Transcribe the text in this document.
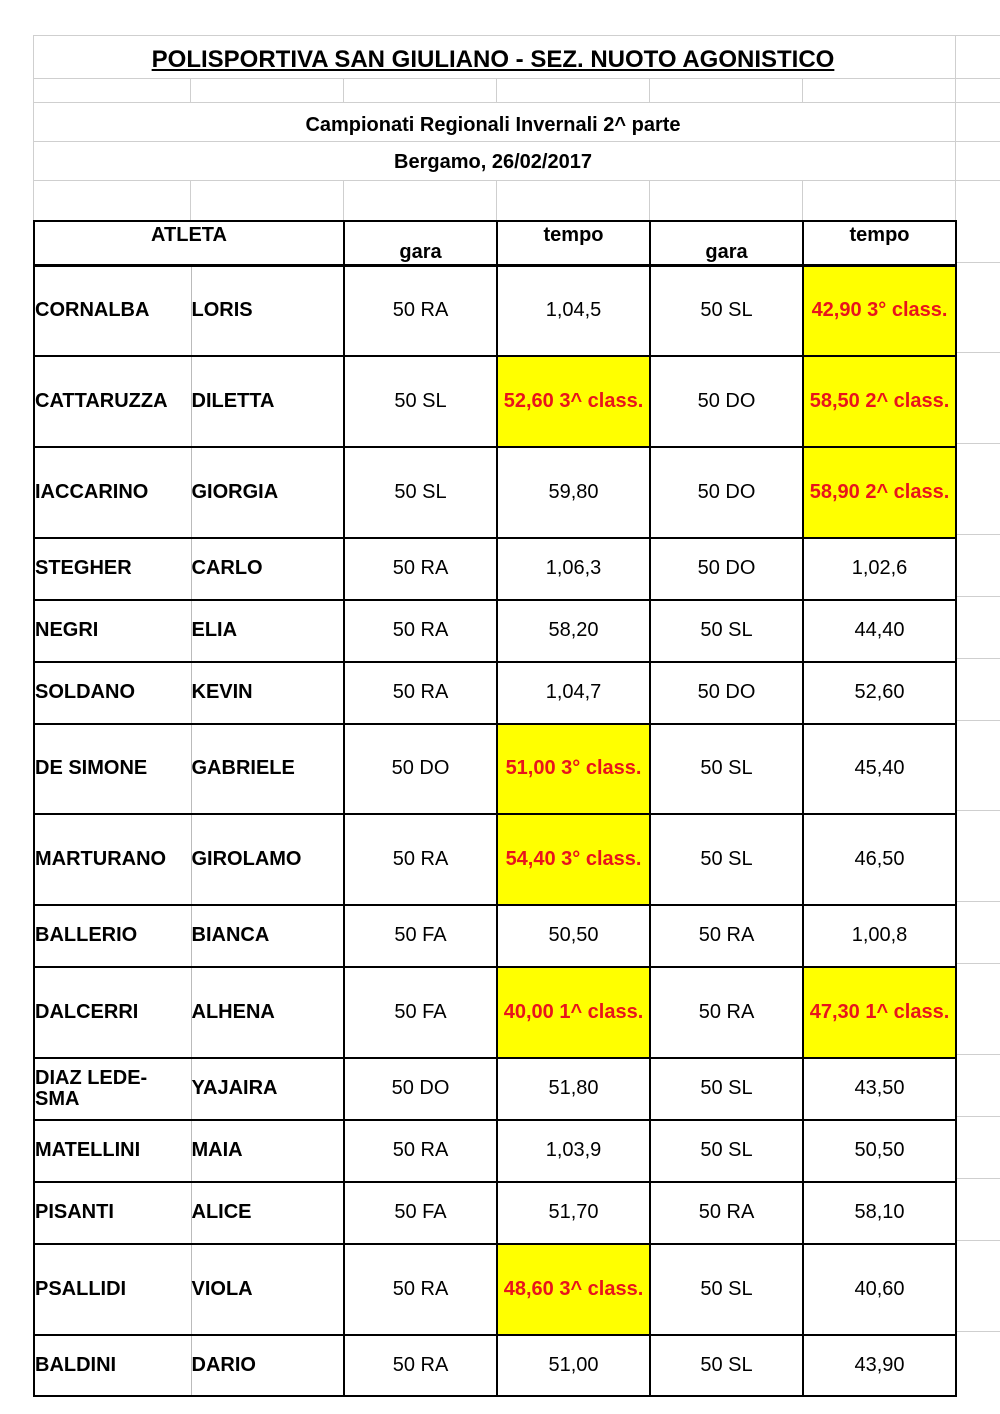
POLISPORTIVA SAN GIULIANO - SEZ. NUOTO AGONISTICO
Campionati Regionali Invernali 2^ parte
Bergamo, 26/02/2017
ATLETA		gara	tempo	gara	tempo
CORNALBA	LORIS	50 RA	1,04,5	50 SL	42,90 3° class.
CATTARUZZA	DILETTA	50 SL	52,60 3^ class.	50 DO	58,50 2^ class.
IACCARINO	GIORGIA	50 SL	59,80	50 DO	58,90 2^ class.
STEGHER	CARLO	50 RA	1,06,3	50 DO	1,02,6
NEGRI	ELIA	50 RA	58,20	50 SL	44,40
SOLDANO	KEVIN	50 RA	1,04,7	50 DO	52,60
DE SIMONE	GABRIELE	50 DO	51,00 3° class.	50 SL	45,40
MARTURANO	GIROLAMO	50 RA	54,40 3° class.	50 SL	46,50
BALLERIO	BIANCA	50 FA	50,50	50 RA	1,00,8
DALCERRI	ALHENA	50 FA	40,00 1^ class.	50 RA	47,30 1^ class.
DIAZ LEDE-SMA	YAJAIRA	50 DO	51,80	50 SL	43,50
MATELLINI	MAIA	50 RA	1,03,9	50 SL	50,50
PISANTI	ALICE	50 FA	51,70	50 RA	58,10
PSALLIDI	VIOLA	50 RA	48,60 3^ class.	50 SL	40,60
BALDINI	DARIO	50 RA	51,00	50 SL	43,90
